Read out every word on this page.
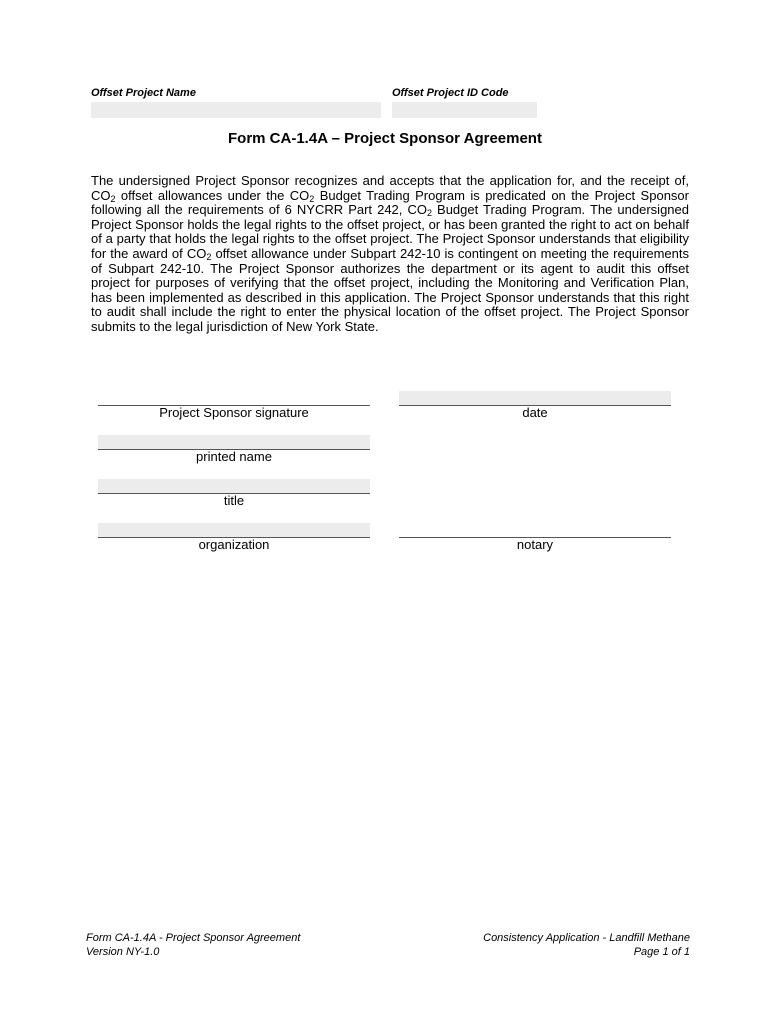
Offset Project Name	Offset Project ID Code
Form CA-1.4A – Project Sponsor Agreement
The undersigned Project Sponsor recognizes and accepts that the application for, and the receipt of, $CO_2$ offset allowances under the $CO_2$ Budget Trading Program is predicated on the Project Sponsor following all the requirements of 6 NYCRR Part 242, $CO_2$ Budget Trading Program. The undersigned Project Sponsor holds the legal rights to the offset project, or has been granted the right to act on behalf of a party that holds the legal rights to the offset project. The Project Sponsor understands that eligibility for the award of $CO_2$ offset allowance under Subpart 242-10 is contingent on meeting the requirements of Subpart 242-10. The Project Sponsor authorizes the department or its agent to audit this offset project for purposes of verifying that the offset project, including the Monitoring and Verification Plan, has been implemented as described in this application. The Project Sponsor understands that this right to audit shall include the right to enter the physical location of the offset project. The Project Sponsor submits to the legal jurisdiction of New York State.
Project Sponsor signature
printed name
title
organization
date
notary
Form CA-1.4A - Project Sponsor Agreement
Version NY-1.0
Consistency Application - Landfill Methane
Page 1 of 1
